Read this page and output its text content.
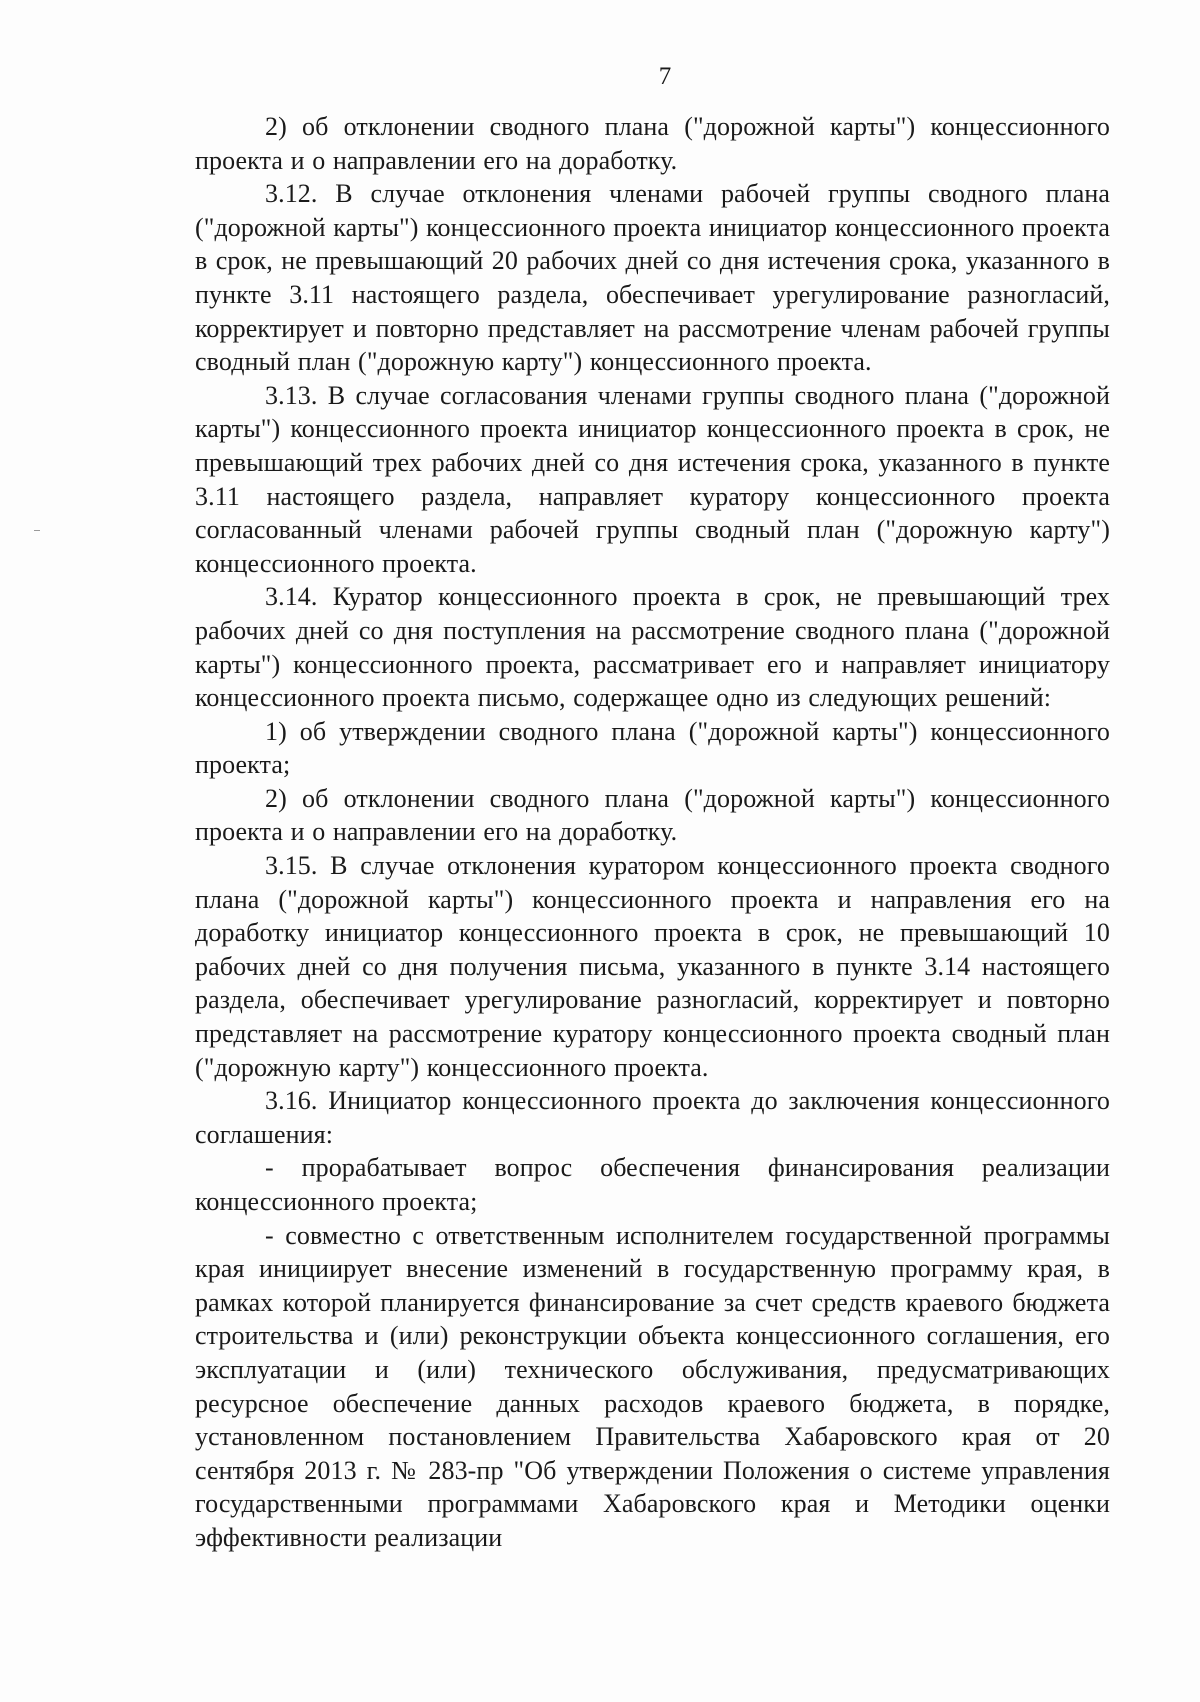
7

2) об отклонении сводного плана ("дорожной карты") концессионного проекта и о направлении его на доработку.

3.12. В случае отклонения членами рабочей группы сводного плана ("дорожной карты") концессионного проекта инициатор концессионного проекта в срок, не превышающий 20 рабочих дней со дня истечения срока, указанного в пункте 3.11 настоящего раздела, обеспечивает урегулирование разногласий, корректирует и повторно представляет на рассмотрение членам рабочей группы сводный план ("дорожную карту") концессионного проекта.

3.13. В случае согласования членами группы сводного плана ("дорожной карты") концессионного проекта инициатор концессионного проекта в срок, не превышающий трех рабочих дней со дня истечения срока, указанного в пункте 3.11 настоящего раздела, направляет куратору концессионного проекта согласованный членами рабочей группы сводный план ("дорожную карту") концессионного проекта.

3.14. Куратор концессионного проекта в срок, не превышающий трех рабочих дней со дня поступления на рассмотрение сводного плана ("дорожной карты") концессионного проекта, рассматривает его и направляет инициатору концессионного проекта письмо, содержащее одно из следующих решений:

1) об утверждении сводного плана ("дорожной карты") концессионного проекта;

2) об отклонении сводного плана ("дорожной карты") концессионного проекта и о направлении его на доработку.

3.15. В случае отклонения куратором концессионного проекта сводного плана ("дорожной карты") концессионного проекта и направления его на доработку инициатор концессионного проекта в срок, не превышающий 10 рабочих дней со дня получения письма, указанного в пункте 3.14 настоящего раздела, обеспечивает урегулирование разногласий, корректирует и повторно представляет на рассмотрение куратору концессионного проекта сводный план ("дорожную карту") концессионного проекта.

3.16. Инициатор концессионного проекта до заключения концессионного соглашения:

- прорабатывает вопрос обеспечения финансирования реализации концессионного проекта;

- совместно с ответственным исполнителем государственной программы края инициирует внесение изменений в государственную программу края, в рамках которой планируется финансирование за счет средств краевого бюджета строительства и (или) реконструкции объекта концессионного соглашения, его эксплуатации и (или) технического обслуживания, предусматривающих ресурсное обеспечение данных расходов краевого бюджета, в порядке, установленном постановлением Правительства Хабаровского края от 20 сентября 2013 г. № 283-пр "Об утверждении Положения о системе управления государственными программами Хабаровского края и Методики оценки эффективности реализации
